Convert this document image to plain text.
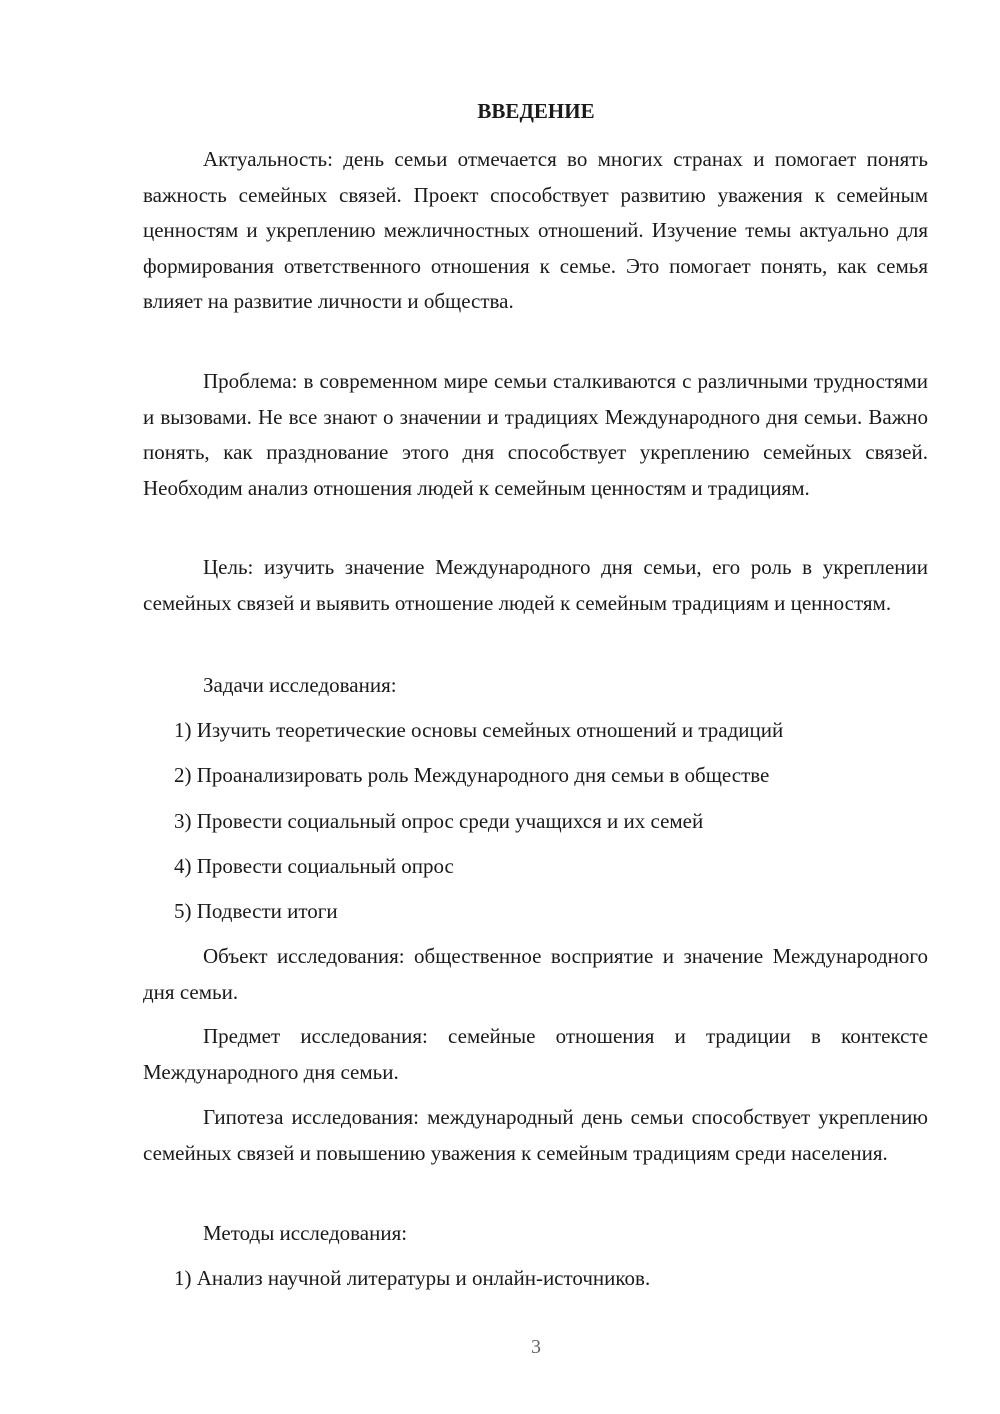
ВВЕДЕНИЕ

Актуальность: день семьи отмечается во многих странах и помогает понять важность семейных связей. Проект способствует развитию уважения к семейным ценностям и укреплению межличностных отношений. Изучение темы актуально для формирования ответственного отношения к семье. Это помогает понять, как семья влияет на развитие личности и общества.

Проблема: в современном мире семьи сталкиваются с различными трудностями и вызовами. Не все знают о значении и традициях Международного дня семьи. Важно понять, как празднование этого дня способствует укреплению семейных связей. Необходим анализ отношения людей к семейным ценностям и традициям.

Цель: изучить значение Международного дня семьи, его роль в укреплении семейных связей и выявить отношение людей к семейным традициям и ценностям.

Задачи исследования:
1) Изучить теоретические основы семейных отношений и традиций
2) Проанализировать роль Международного дня семьи в обществе
3) Провести социальный опрос среди учащихся и их семей
4) Провести социальный опрос
5) Подвести итоги

Объект исследования: общественное восприятие и значение Международного дня семьи.

Предмет исследования: семейные отношения и традиции в контексте Международного дня семьи.

Гипотеза исследования: международный день семьи способствует укреплению семейных связей и повышению уважения к семейным традициям среди населения.

Методы исследования:
1) Анализ научной литературы и онлайн-источников.
3
